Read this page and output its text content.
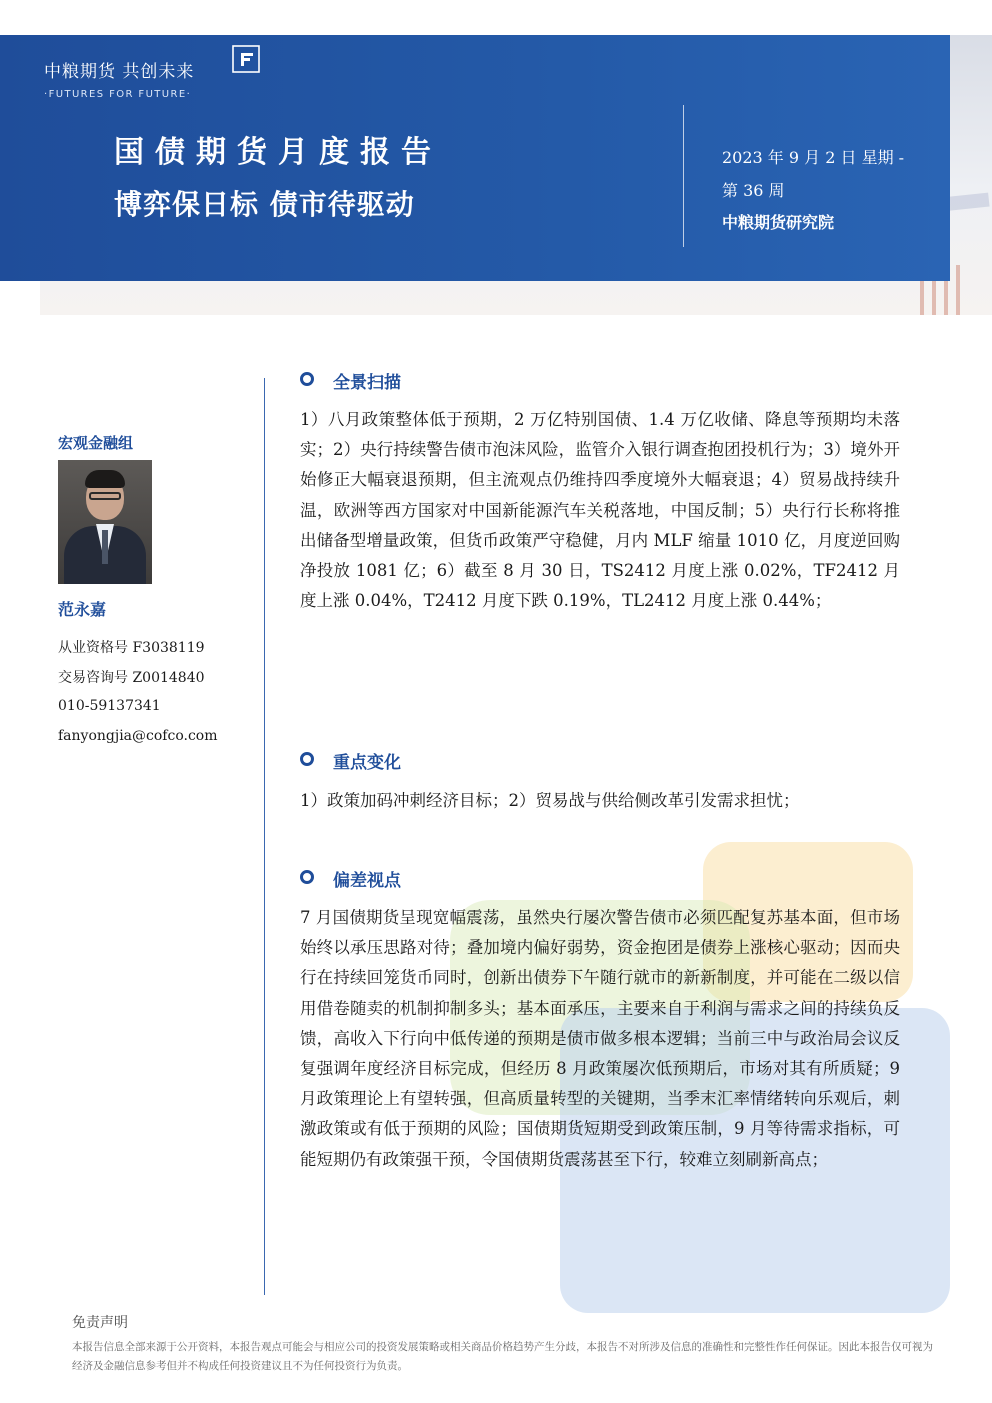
中粮期货 共创未来
·FUTURES FOR FUTURE·
国债期货月度报告
博弈保日标 债市待驱动
2023 年 9 月 2 日 星期 -
第 36 周
中粮期货研究院
宏观金融组
范永嘉
从业资格号 F3038119
交易咨询号 Z0014840
010-59137341
fanyongjia@cofco.com
全景扫描
1）八月政策整体低于预期，2 万亿特别国债、1.4 万亿收储、降息等预期均未落实；2）央行持续警告债市泡沫风险，监管介入银行调查抱团投机行为；3）境外开始修正大幅衰退预期，但主流观点仍维持四季度境外大幅衰退；4）贸易战持续升温，欧洲等西方国家对中国新能源汽车关税落地，中国反制；5）央行行长称将推出储备型增量政策，但货币政策严守稳健，月内 MLF 缩量 1010 亿，月度逆回购净投放 1081 亿；6）截至 8 月 30 日，TS2412 月度上涨 0.02%，TF2412 月度上涨 0.04%，T2412 月度下跌 0.19%，TL2412 月度上涨 0.44%；
重点变化
1）政策加码冲刺经济目标；2）贸易战与供给侧改革引发需求担忧；
偏差视点
7 月国债期货呈现宽幅震荡，虽然央行屡次警告债市必须匹配复苏基本面，但市场始终以承压思路对待；叠加境内偏好弱势，资金抱团是债券上涨核心驱动；因而央行在持续回笼货币同时，创新出债券下午随行就市的新新制度，并可能在二级以信用借卷随卖的机制抑制多头；基本面承压，主要来自于利润与需求之间的持续负反馈，高收入下行向中低传递的预期是债市做多根本逻辑；当前三中与政治局会议反复强调年度经济目标完成，但经历 8 月政策屡次低预期后，市场对其有所质疑；9 月政策理论上有望转强，但高质量转型的关键期，当季末汇率情绪转向乐观后，刺激政策或有低于预期的风险；国债期货短期受到政策压制，9 月等待需求指标，可能短期仍有政策强干预，令国债期货震荡甚至下行，较难立刻刷新高点；
免责声明
本报告信息全部来源于公开资料，本报告观点可能会与相应公司的投资发展策略或相关商品价格趋势产生分歧，本报告不对所涉及信息的准确性和完整性作任何保证。因此本报告仅可视为经济及金融信息参考但并不构成任何投资建议且不为任何投资行为负责。
